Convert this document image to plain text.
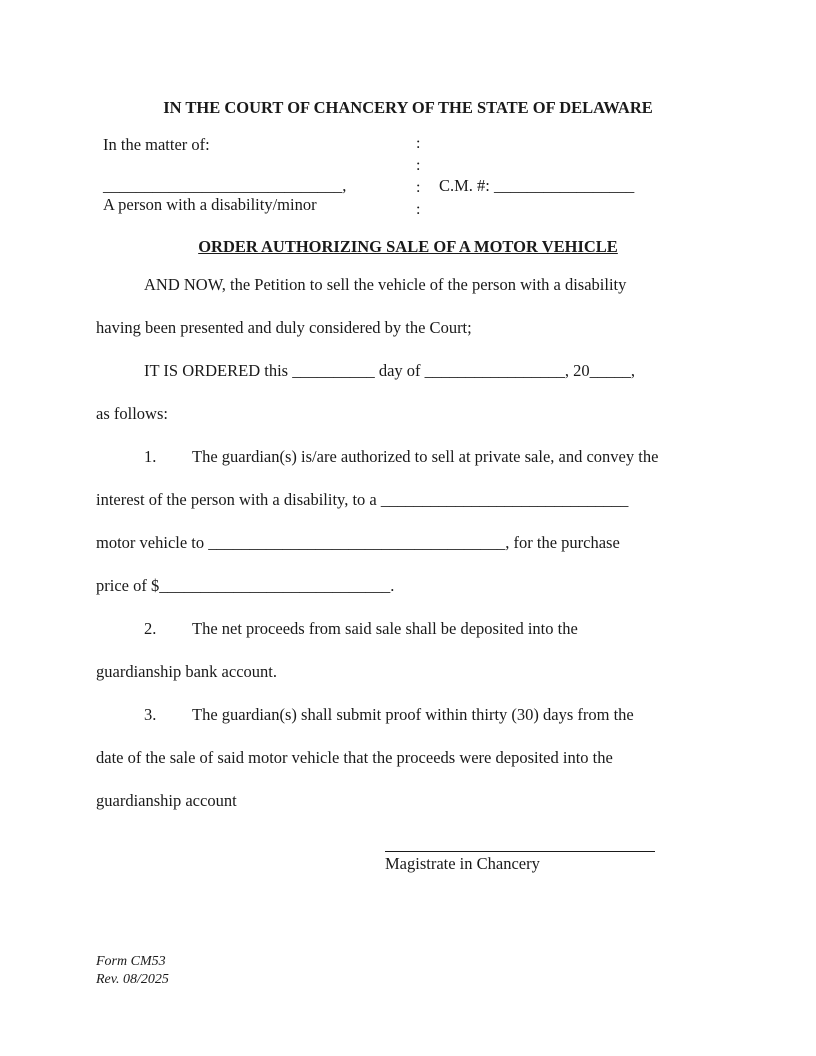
IN THE COURT OF CHANCERY OF THE STATE OF DELAWARE
In the matter of:
_____________________________,
A person with a disability/minor
:
:
:
:
C.M. #: _________________
ORDER AUTHORIZING SALE OF A MOTOR VEHICLE
AND NOW, the Petition to sell the vehicle of the person with a disability
having been presented and duly considered by the Court;
IT IS ORDERED this __________ day of _________________, 20_____,
as follows:
1. The guardian(s) is/are authorized to sell at private sale, and convey the
interest of the person with a disability, to a ______________________________
motor vehicle to ____________________________________, for the purchase
price of $____________________________.
2. The net proceeds from said sale shall be deposited into the
guardianship bank account.
3. The guardian(s) shall submit proof within thirty (30) days from the
date of the sale of said motor vehicle that the proceeds were deposited into the
guardianship account
Magistrate in Chancery
Form CM53
Rev. 08/2025
